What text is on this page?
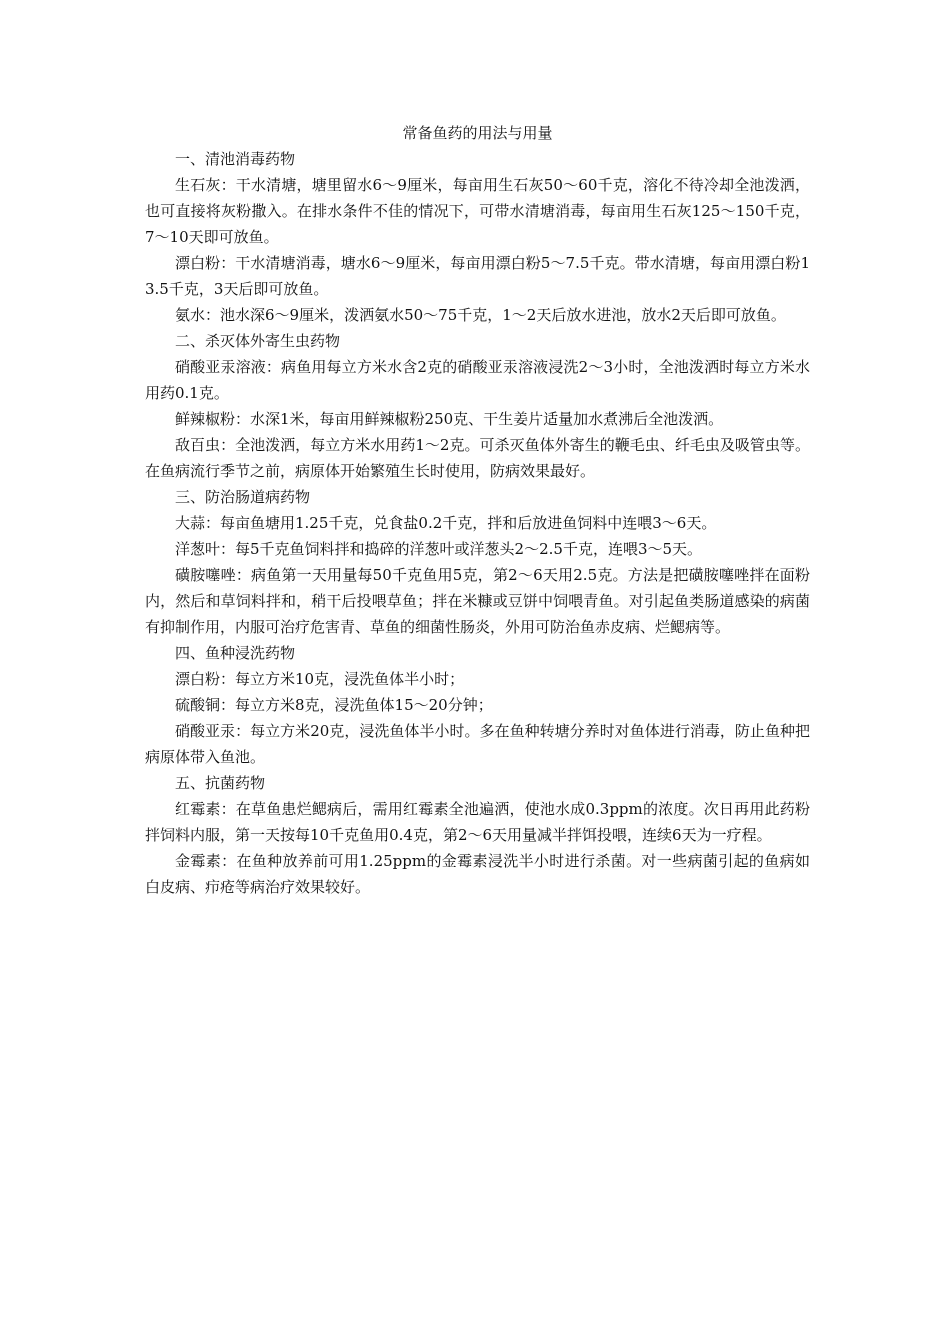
常备鱼药的用法与用量

一、清池消毒药物

生石灰：干水清塘，塘里留水6～9厘米，每亩用生石灰50～60千克，溶化不待冷却全池泼洒，也可直接将灰粉撒入。在排水条件不佳的情况下，可带水清塘消毒，每亩用生石灰125～150千克，7～10天即可放鱼。

漂白粉：干水清塘消毒，塘水6～9厘米，每亩用漂白粉5～7.5千克。带水清塘，每亩用漂白粉13.5千克，3天后即可放鱼。

氨水：池水深6～9厘米，泼洒氨水50～75千克，1～2天后放水进池，放水2天后即可放鱼。

二、杀灭体外寄生虫药物

硝酸亚汞溶液：病鱼用每立方米水含2克的硝酸亚汞溶液浸洗2～3小时，全池泼洒时每立方米水用药0.1克。

鲜辣椒粉：水深1米，每亩用鲜辣椒粉250克、干生姜片适量加水煮沸后全池泼洒。

敌百虫：全池泼洒，每立方米水用药1～2克。可杀灭鱼体外寄生的鞭毛虫、纤毛虫及吸管虫等。在鱼病流行季节之前，病原体开始繁殖生长时使用，防病效果最好。

三、防治肠道病药物

大蒜：每亩鱼塘用1.25千克，兑食盐0.2千克，拌和后放进鱼饲料中连喂3～6天。

洋葱叶：每5千克鱼饲料拌和捣碎的洋葱叶或洋葱头2～2.5千克，连喂3～5天。

磺胺噻唑：病鱼第一天用量每50千克鱼用5克，第2～6天用2.5克。方法是把磺胺噻唑拌在面粉内，然后和草饲料拌和，稍干后投喂草鱼；拌在米糠或豆饼中饲喂青鱼。对引起鱼类肠道感染的病菌有抑制作用，内服可治疗危害青、草鱼的细菌性肠炎，外用可防治鱼赤皮病、烂鳃病等。

四、鱼种浸洗药物

漂白粉：每立方米10克，浸洗鱼体半小时；

硫酸铜：每立方米8克，浸洗鱼体15～20分钟；

硝酸亚汞：每立方米20克，浸洗鱼体半小时。多在鱼种转塘分养时对鱼体进行消毒，防止鱼种把病原体带入鱼池。

五、抗菌药物

红霉素：在草鱼患烂鳃病后，需用红霉素全池遍洒，使池水成0.3ppm的浓度。次日再用此药粉拌饲料内服，第一天按每10千克鱼用0.4克，第2～6天用量减半拌饵投喂，连续6天为一疗程。

金霉素：在鱼种放养前可用1.25ppm的金霉素浸洗半小时进行杀菌。对一些病菌引起的鱼病如白皮病、疖疮等病治疗效果较好。
